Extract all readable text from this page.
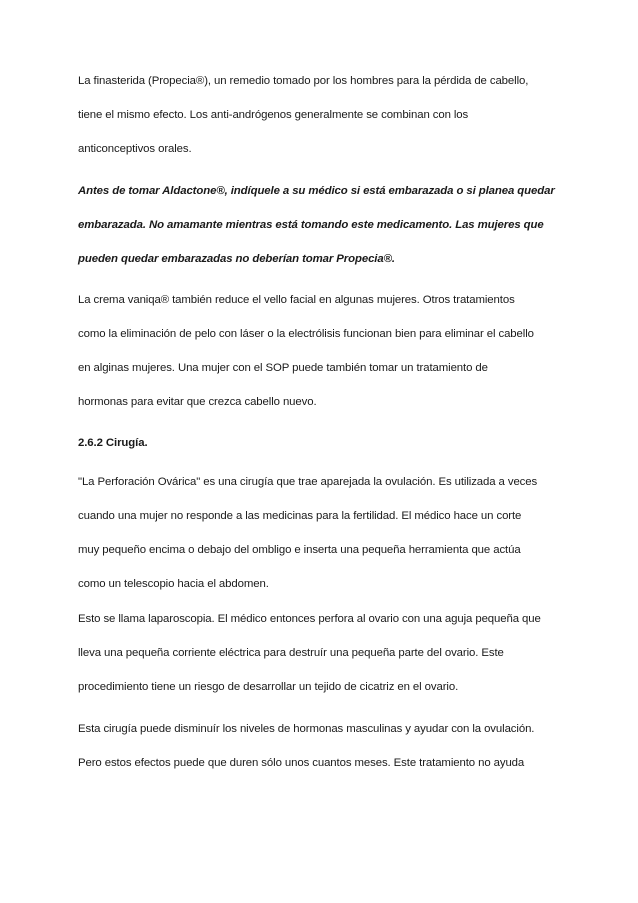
La finasterida (Propecia®), un remedio tomado por los hombres para la pérdida de cabello,
tiene el mismo efecto. Los anti-andrógenos generalmente se combinan con los
anticonceptivos orales.

Antes de tomar Aldactone®, indíquele a su médico si está embarazada o si planea quedar
embarazada. No amamante mientras está tomando este medicamento. Las mujeres que
pueden quedar embarazadas no deberían tomar Propecia®.

La crema vaniqa® también reduce el vello facial en algunas mujeres. Otros tratamientos
como la eliminación de pelo con láser o la electrólisis funcionan bien para eliminar el cabello
en alginas mujeres. Una mujer con el SOP puede también tomar un tratamiento de
hormonas para evitar que crezca cabello nuevo.

2.6.2 Cirugía.

"La Perforación Ovárica" es una cirugía que trae aparejada la ovulación. Es utilizada a veces
cuando una mujer no responde a las medicinas para la fertilidad. El médico hace un corte
muy pequeño encima o debajo del ombligo e inserta una pequeña herramienta que actúa
como un telescopio hacia el abdomen.

Esto se llama laparoscopia. El médico entonces perfora al ovario con una aguja pequeña que
lleva una pequeña corriente eléctrica para destruír una pequeña parte del ovario. Este
procedimiento tiene un riesgo de desarrollar un tejido de cicatriz en el ovario.

Esta cirugía puede disminuír los niveles de hormonas masculinas y ayudar con la ovulación.
Pero estos efectos puede que duren sólo unos cuantos meses. Este tratamiento no ayuda
